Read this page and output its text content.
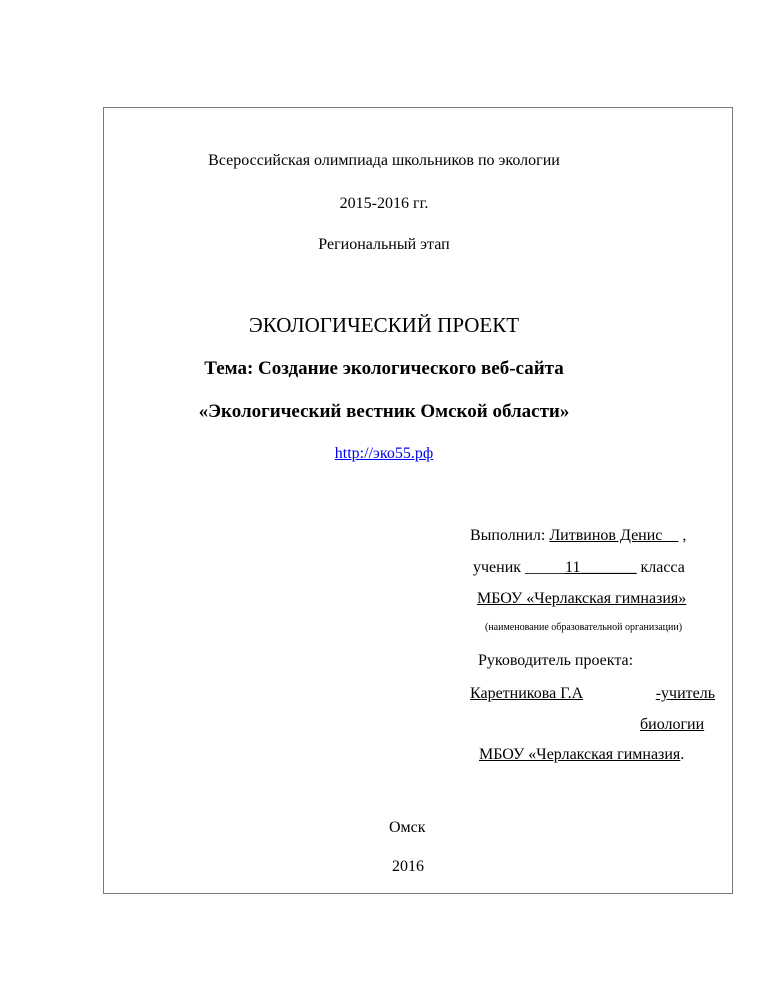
Всероссийская олимпиада школьников по экологии
2015-2016 гг.
Региональный этап
ЭКОЛОГИЧЕСКИЙ ПРОЕКТ
Тема: Создание экологического веб-сайта
«Экологический вестник Омской области»
http://эко55.рф
Выполнил: Литвинов Денис__ ,
ученик _____11_______ класса
МБОУ «Черлакская гимназия»
(наименование образовательной организации)
Руководитель проекта:
Каретникова Г.А	-учитель
биологии
МБОУ «Черлакская гимназия.
Омск
2016
